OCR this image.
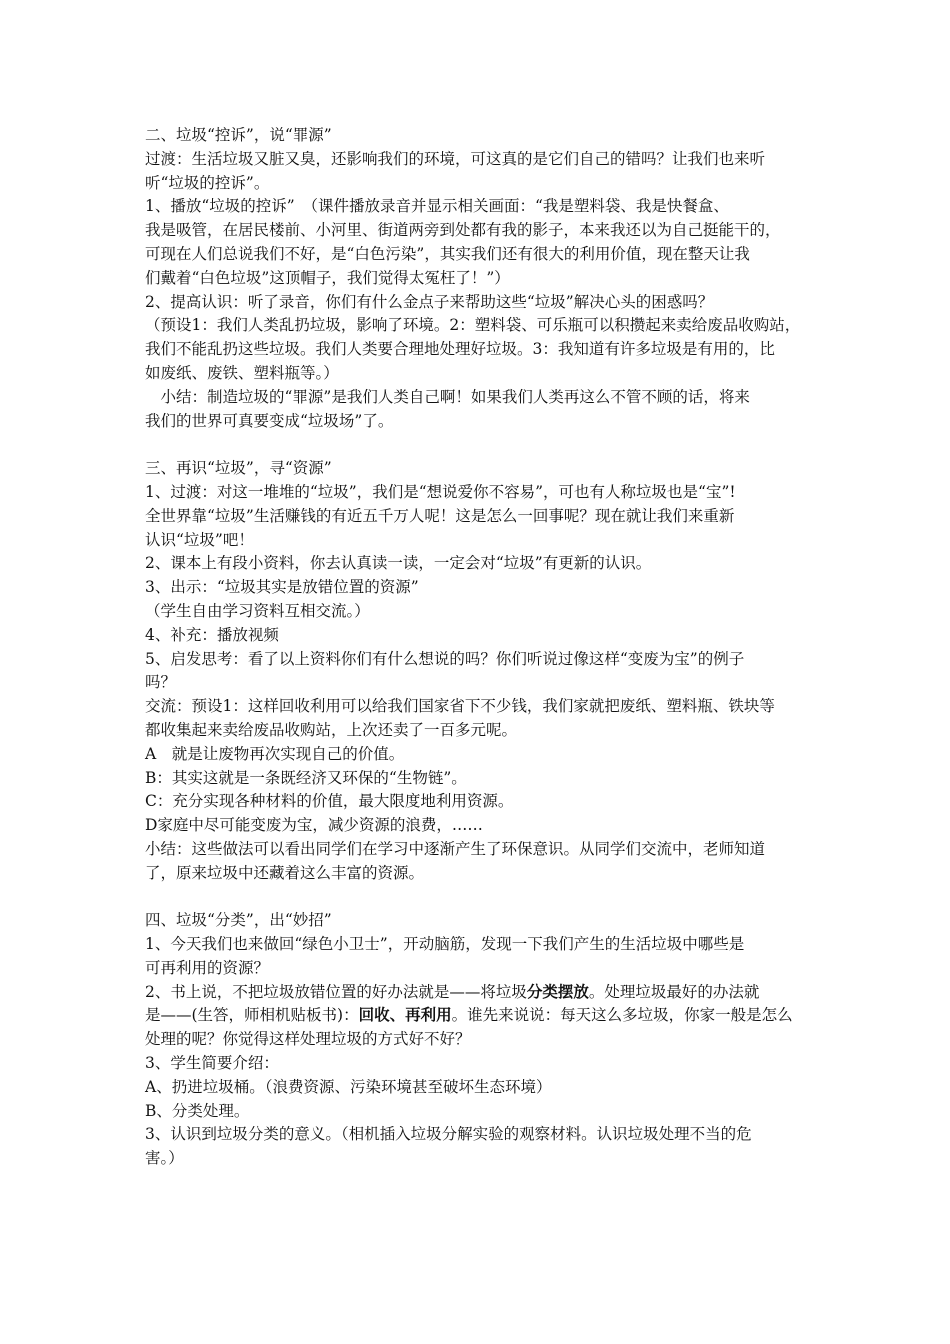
二、垃圾“控诉”，说“罪源”
过渡：生活垃圾又脏又臭，还影响我们的环境，可这真的是它们自己的错吗？让我们也来听
听“垃圾的控诉”。
1、播放“垃圾的控诉”　（课件播放录音并显示相关画面：“我是塑料袋、我是快餐盒、
我是吸管，在居民楼前、小河里、街道两旁到处都有我的影子，本来我还以为自己挺能干的，
可现在人们总说我们不好，是“白色污染”，其实我们还有很大的利用价值，现在整天让我
们戴着“白色垃圾”这顶帽子，我们觉得太冤枉了！”）
2、提高认识：听了录音，你们有什么金点子来帮助这些“垃圾”解决心头的困惑吗？
（预设1：我们人类乱扔垃圾，影响了环境。2：塑料袋、可乐瓶可以积攒起来卖给废品收购站，
我们不能乱扔这些垃圾。我们人类要合理地处理好垃圾。3：我知道有许多垃圾是有用的，比
如废纸、废铁、塑料瓶等。）
　小结：制造垃圾的“罪源”是我们人类自己啊！如果我们人类再这么不管不顾的话，将来
我们的世界可真要变成“垃圾场”了。
三、再识“垃圾”，寻“资源”
1、过渡：对这一堆堆的“垃圾”，我们是“想说爱你不容易”，可也有人称垃圾也是“宝”!
全世界靠“垃圾”生活赚钱的有近五千万人呢！这是怎么一回事呢？现在就让我们来重新
认识“垃圾”吧！
2、课本上有段小资料，你去认真读一读，一定会对“垃圾”有更新的认识。
3、出示：“垃圾其实是放错位置的资源”
（学生自由学习资料互相交流。）
4、补充：播放视频
5、启发思考：看了以上资料你们有什么想说的吗？你们听说过像这样“变废为宝”的例子
吗？
交流：预设1：这样回收利用可以给我们国家省下不少钱，我们家就把废纸、塑料瓶、铁块等
都收集起来卖给废品收购站，上次还卖了一百多元呢。
A　就是让废物再次实现自己的价值。
B：其实这就是一条既经济又环保的“生物链”。
C：充分实现各种材料的价值，最大限度地利用资源。
D家庭中尽可能变废为宝，减少资源的浪费，……
小结：这些做法可以看出同学们在学习中逐渐产生了环保意识。从同学们交流中，老师知道
了，原来垃圾中还藏着这么丰富的资源。
四、垃圾“分类”，出“妙招”
1、今天我们也来做回“绿色小卫士”，开动脑筋，发现一下我们产生的生活垃圾中哪些是
可再利用的资源？
2、书上说，不把垃圾放错位置的好办法就是——将垃圾分类摆放。处理垃圾最好的办法就
是——(生答，师相机贴板书)：回收、再利用。谁先来说说：每天这么多垃圾，你家一般是怎么
处理的呢？你觉得这样处理垃圾的方式好不好？
3、学生简要介绍：
A、扔进垃圾桶。（浪费资源、污染环境甚至破坏生态环境）
B、分类处理。
3、认识到垃圾分类的意义。（相机插入垃圾分解实验的观察材料。认识垃圾处理不当的危
害。）
